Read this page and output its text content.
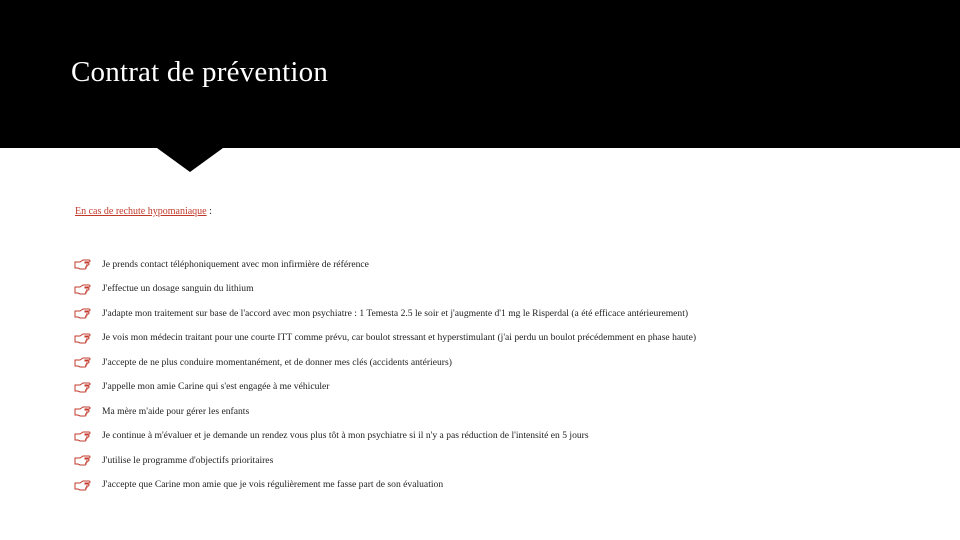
Contrat de prévention
En cas de rechute hypomaniaque :
Je prends contact téléphoniquement avec mon infirmière de référence
J'effectue un dosage sanguin du lithium
J'adapte mon traitement sur base de l'accord avec mon psychiatre : 1 Temesta 2.5 le soir et j'augmente d'1 mg le Risperdal (a été efficace antérieurement)
Je vois mon médecin traitant pour une courte ITT comme prévu, car boulot stressant et hyperstimulant (j'ai perdu un boulot précédemment en phase haute)
J'accepte de ne plus conduire momentanément, et de donner mes clés (accidents antérieurs)
J'appelle mon amie Carine qui s'est engagée à me véhiculer
Ma mère m'aide pour gérer les enfants
Je continue à m'évaluer et je demande un rendez vous plus tôt à mon psychiatre si il n'y a pas réduction de l'intensité en 5 jours
J'utilise le programme d'objectifs prioritaires
J'accepte que Carine mon amie que je vois régulièrement me fasse part de son évaluation
